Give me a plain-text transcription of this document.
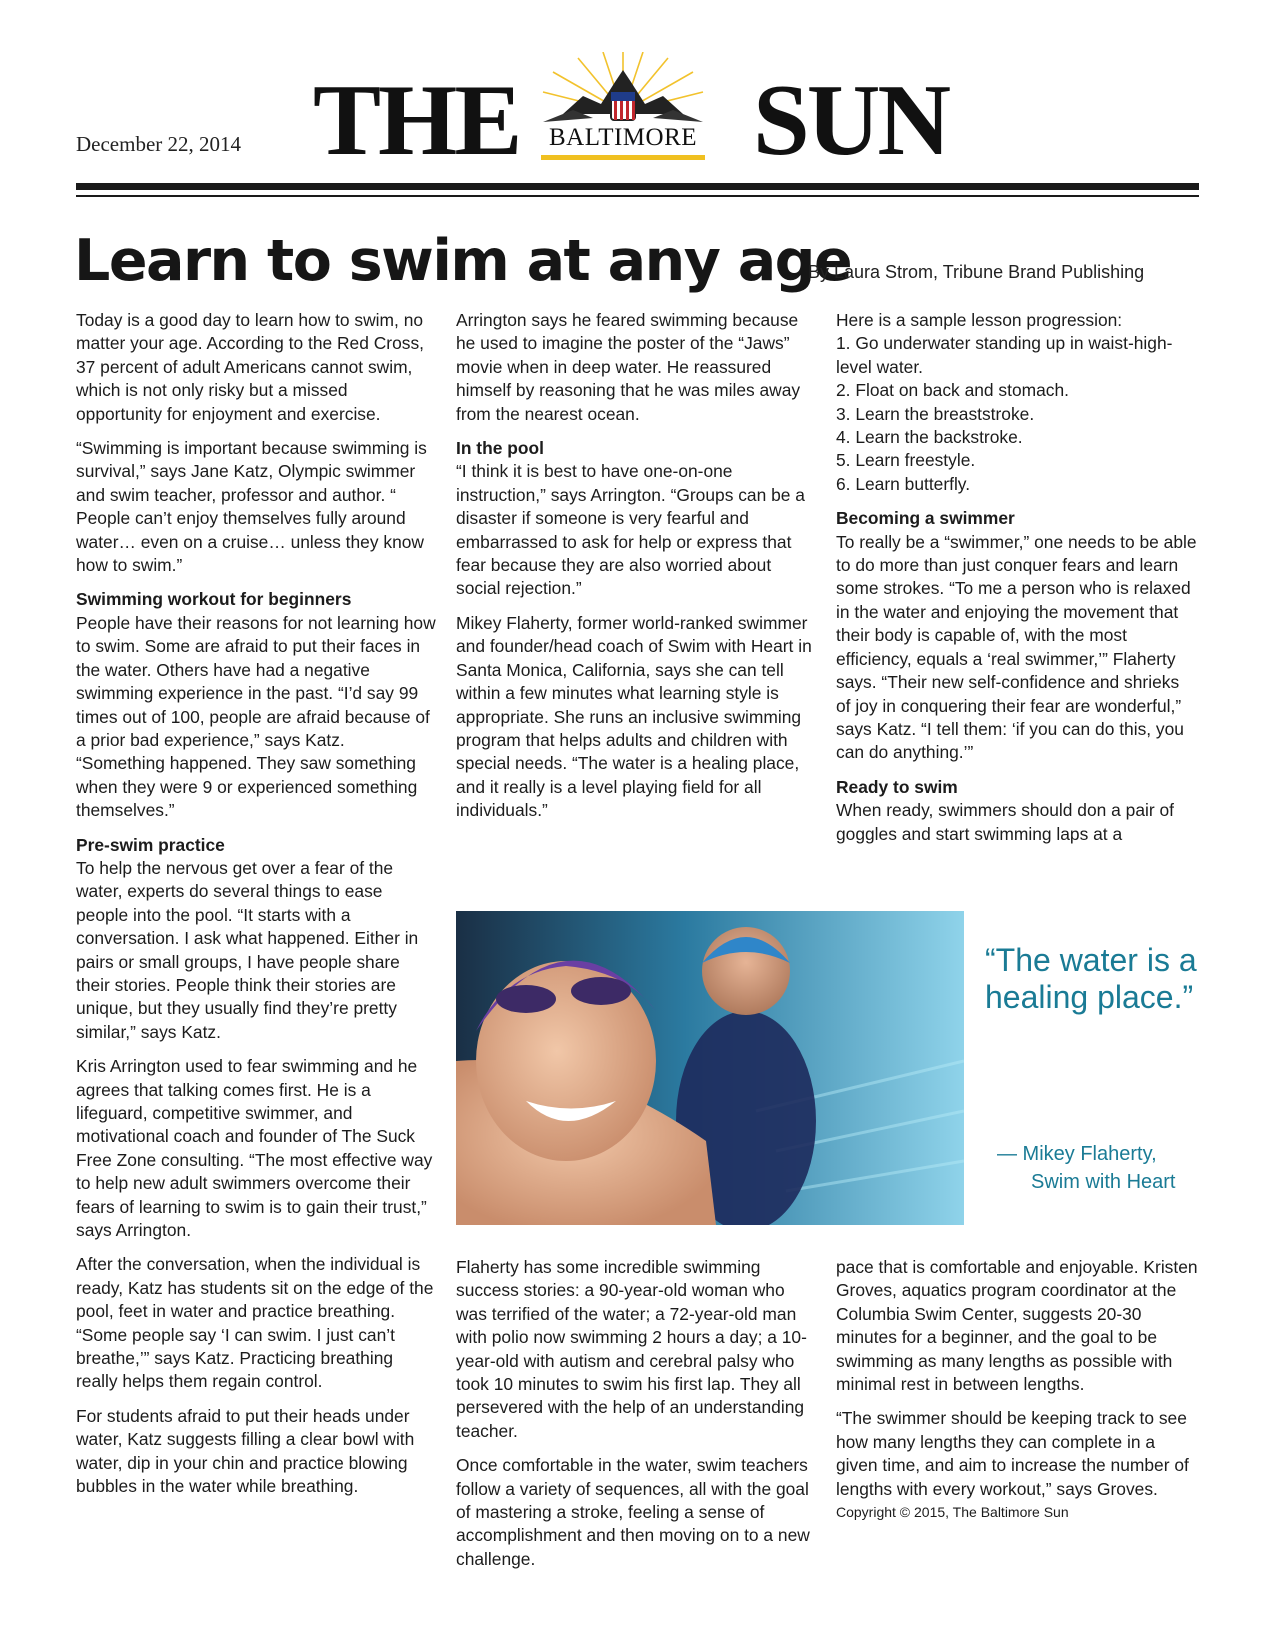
December 22, 2014 THE	BALTIMORE SUN
Learn to swim at any age
By Laura Strom, Tribune Brand Publishing

Today is a good day to learn how to swim, no matter your age. According to the Red Cross, 37 percent of adult Americans cannot swim, which is not only risky but a missed opportunity for enjoyment and exercise.

“Swimming is important because swimming is survival,” says Jane Katz, Olympic swimmer and swim teacher, professor and author. “ People can’t enjoy themselves fully around water… even on a cruise… unless they know how to swim.”

Swimming workout for beginners

People have their reasons for not learning how to swim. Some are afraid to put their faces in the water. Others have had a negative swimming experience in the past. “I’d say 99 times out of 100, people are afraid because of a prior bad experience,” says Katz. “Something happened. They saw something when they were 9 or experienced something themselves.”

Pre-swim practice

To help the nervous get over a fear of the water, experts do several things to ease people into the pool. “It starts with a conversation. I ask what happened. Either in pairs or small groups, I have people share their stories. People think their stories are unique, but they usually find they’re pretty similar,” says Katz.

Kris Arrington used to fear swimming and he agrees that talking comes first. He is a lifeguard, competitive swimmer, and motivational coach and founder of The Suck Free Zone consulting. “The most effective way to help new adult swimmers overcome their fears of learning to swim is to gain their trust,” says Arrington.

After the conversation, when the individual is ready, Katz has students sit on the edge of the pool, feet in water and practice breathing. “Some people say ‘I can swim. I just can’t breathe,’” says Katz. Practicing breathing really helps them regain control.

For students afraid to put their heads under water, Katz suggests filling a clear bowl with water, dip in your chin and practice blowing bubbles in the water while breathing.

Arrington says he feared swimming because he used to imagine the poster of the “Jaws” movie when in deep water. He reassured himself by reasoning that he was miles away from the nearest ocean.

In the pool

“I think it is best to have one-on-one instruction,” says Arrington. “Groups can be a disaster if someone is very fearful and embarrassed to ask for help or express that fear because they are also worried about social rejection.”

Mikey Flaherty, former world-ranked swimmer and founder/head coach of Swim with Heart in Santa Monica, California, says she can tell within a few minutes what learning style is appropriate. She runs an inclusive swimming program that helps adults and children with special needs. “The water is a healing place, and it really is a level playing field for all individuals.”

Here is a sample lesson progression:
1. Go underwater standing up in waist-high-level water.
2. Float on back and stomach.
3. Learn the breaststroke.
4. Learn the backstroke.
5. Learn freestyle.
6. Learn butterfly.
Becoming a swimmer

To really be a “swimmer,” one needs to be able to do more than just conquer fears and learn some strokes. “To me a person who is relaxed in the water and enjoying the movement that their body is capable of, with the most efficiency, equals a ‘real swimmer,’” Flaherty says. “Their new self-confidence and shrieks of joy in conquering their fear are wonderful,” says Katz. “I tell them: ‘if you can do this, you can do anything.’”

Ready to swim

When ready, swimmers should don a pair of goggles and start swimming laps at a

“The water is a healing place.”
— Mikey Flaherty,
Swim with Heart

Flaherty has some incredible swimming success stories: a 90-year-old woman who was terrified of the water; a 72-year-old man with polio now swimming 2 hours a day; a 10-year-old with autism and cerebral palsy who took 10 minutes to swim his first lap. They all persevered with the help of an understanding teacher.

Once comfortable in the water, swim teachers follow a variety of sequences, all with the goal of mastering a stroke, feeling a sense of accomplishment and then moving on to a new challenge.

pace that is comfortable and enjoyable. Kristen Groves, aquatics program coordinator at the Columbia Swim Center, suggests 20-30 minutes for a beginner, and the goal to be swimming as many lengths as possible with minimal rest in between lengths.

“The swimmer should be keeping track to see how many lengths they can complete in a given time, and aim to increase the number of lengths with every workout,” says Groves.

Copyright © 2015, The Baltimore Sun
